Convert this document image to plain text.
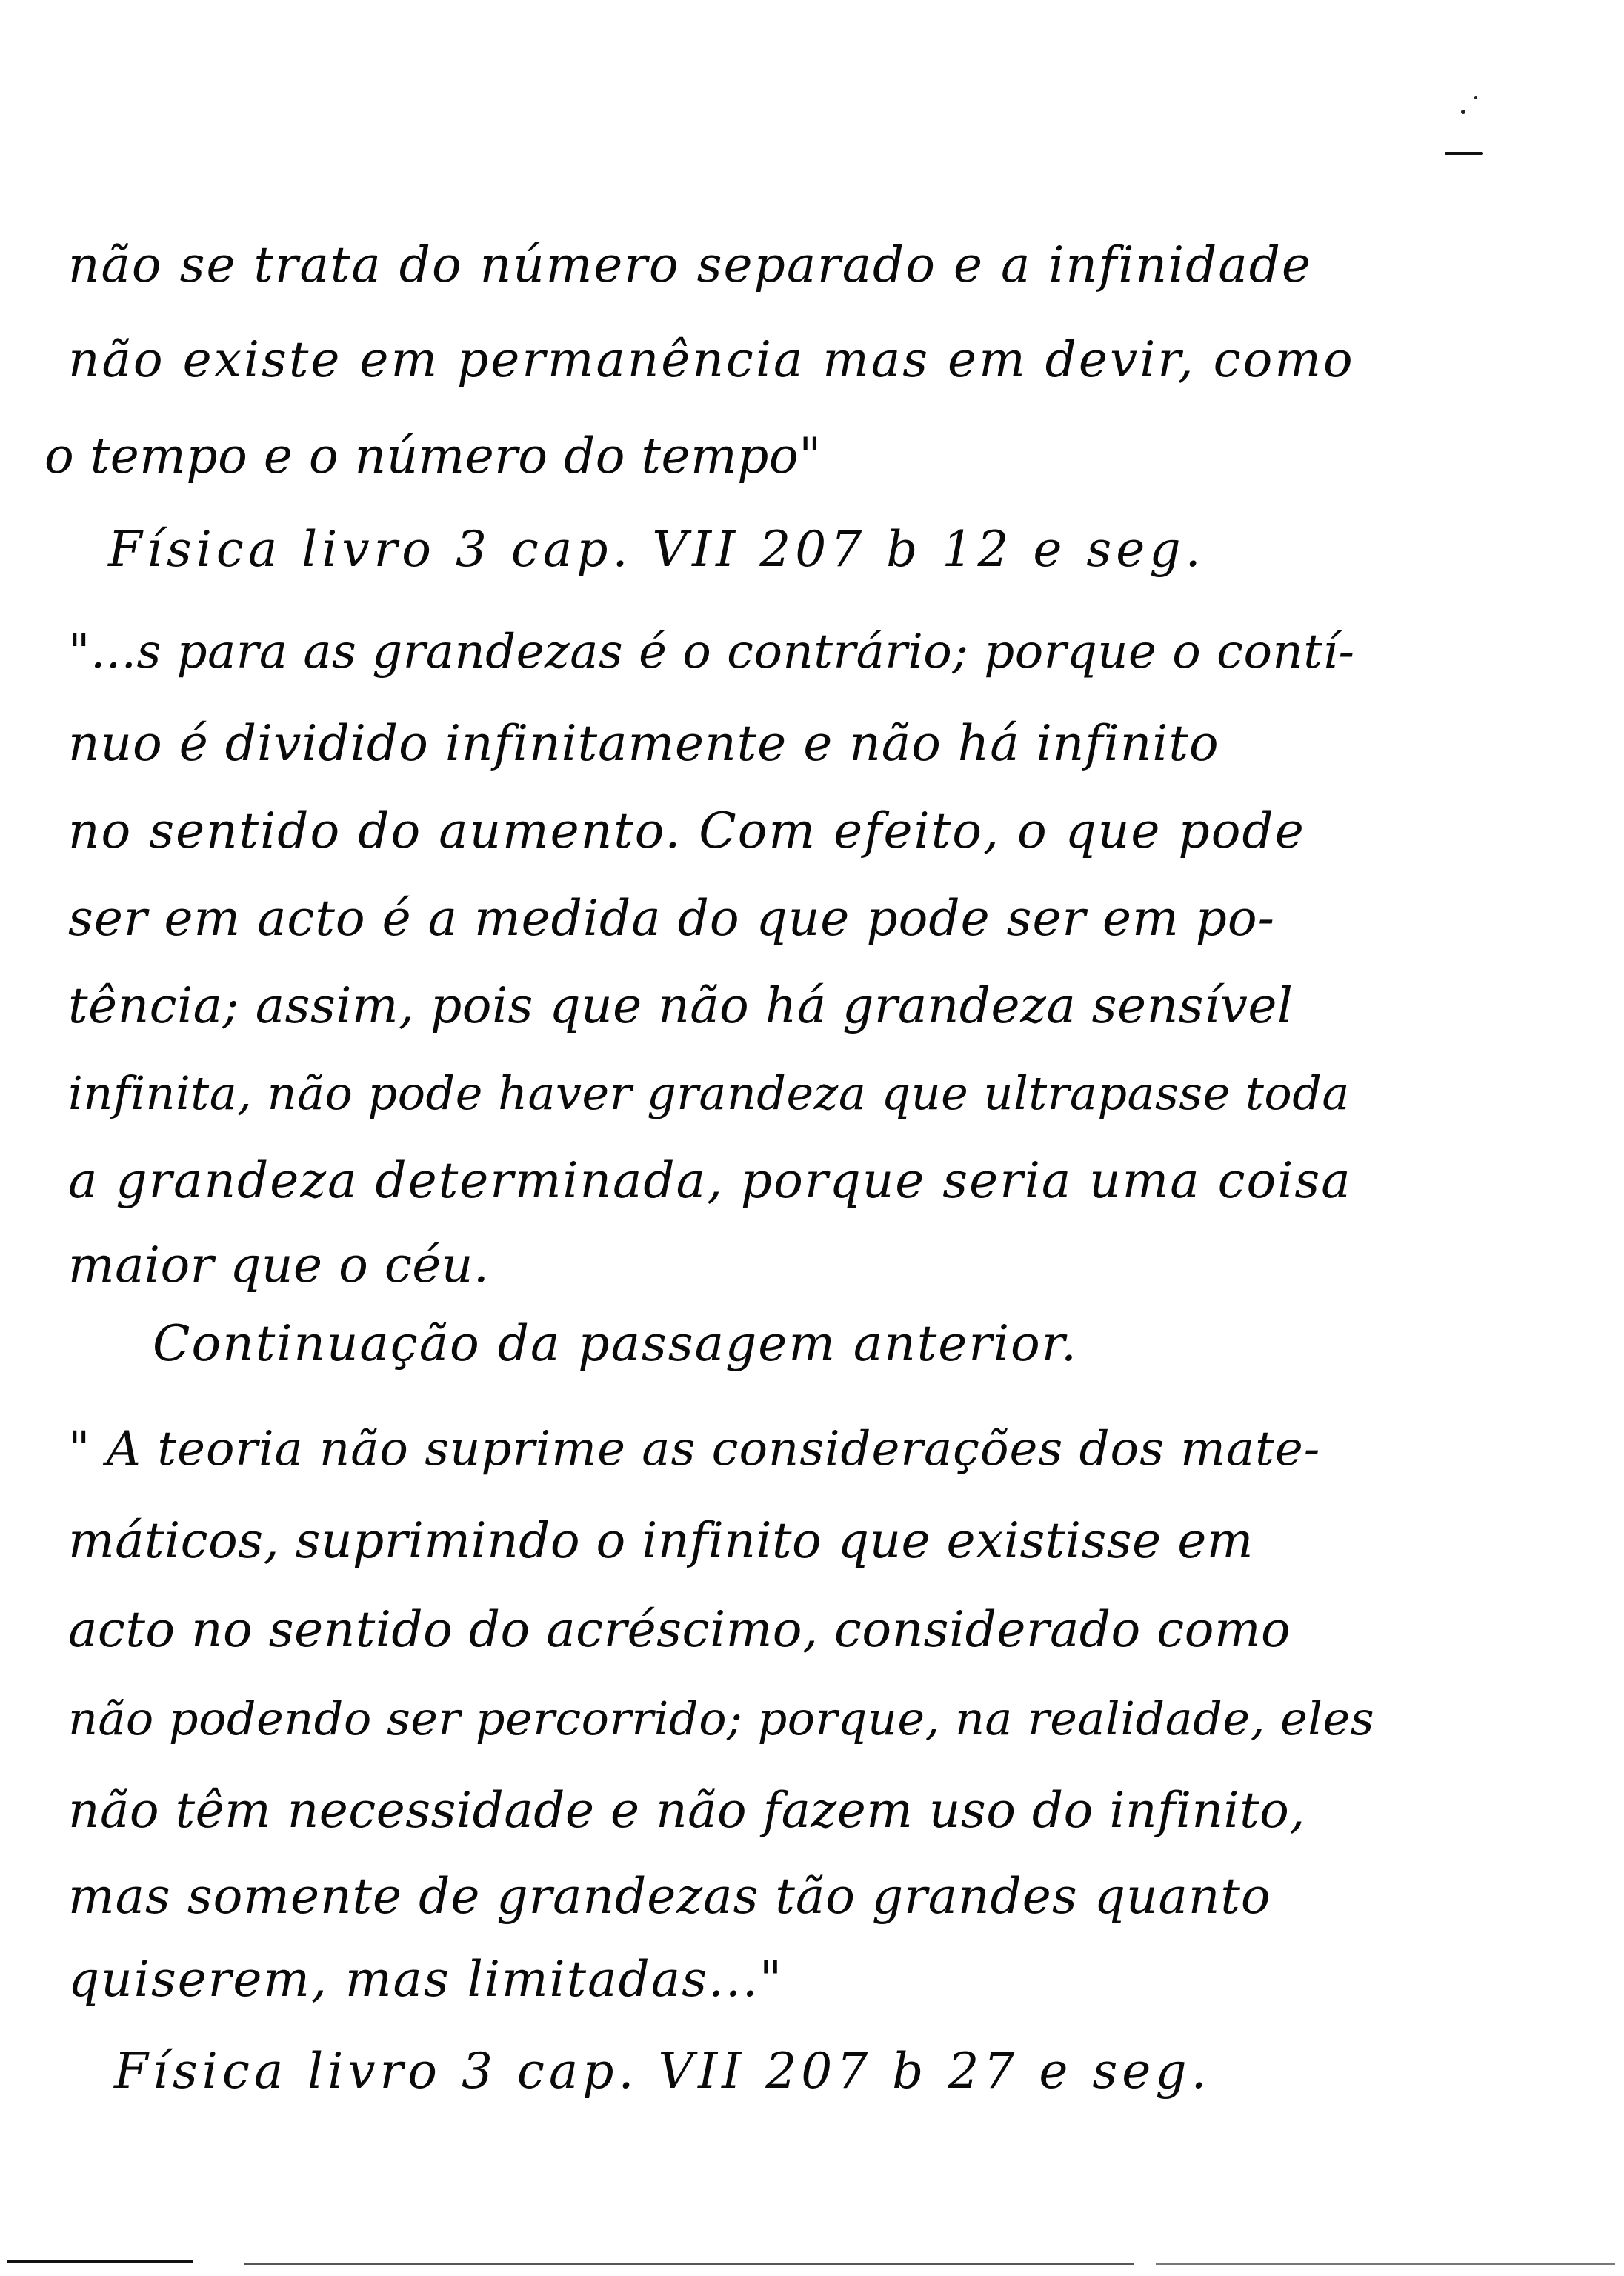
não se trata do número separado e a infinidade
não existe em permanência mas em devir, como
o tempo e o número do tempo"
Física livro 3 cap. VII 207 b 12 e seg.
"...s para as grandezas é o contrário; porque o contí-
nuo é dividido infinitamente e não há infinito
no sentido do aumento. Com efeito, o que pode
ser em acto é a medida do que pode ser em po-
tência; assim, pois que não há grandeza sensível
infinita, não pode haver grandeza que ultrapasse toda
a grandeza determinada, porque seria uma coisa
maior que o céu.
Continuação da passagem anterior.
" A teoria não suprime as considerações dos mate-
máticos, suprimindo o infinito que existisse em
acto no sentido do acréscimo, considerado como
não podendo ser percorrido; porque, na realidade, eles
não têm necessidade e não fazem uso do infinito,
mas somente de grandezas tão grandes quanto
quiserem, mas limitadas..."
Física livro 3 cap. VII 207 b 27 e seg.
